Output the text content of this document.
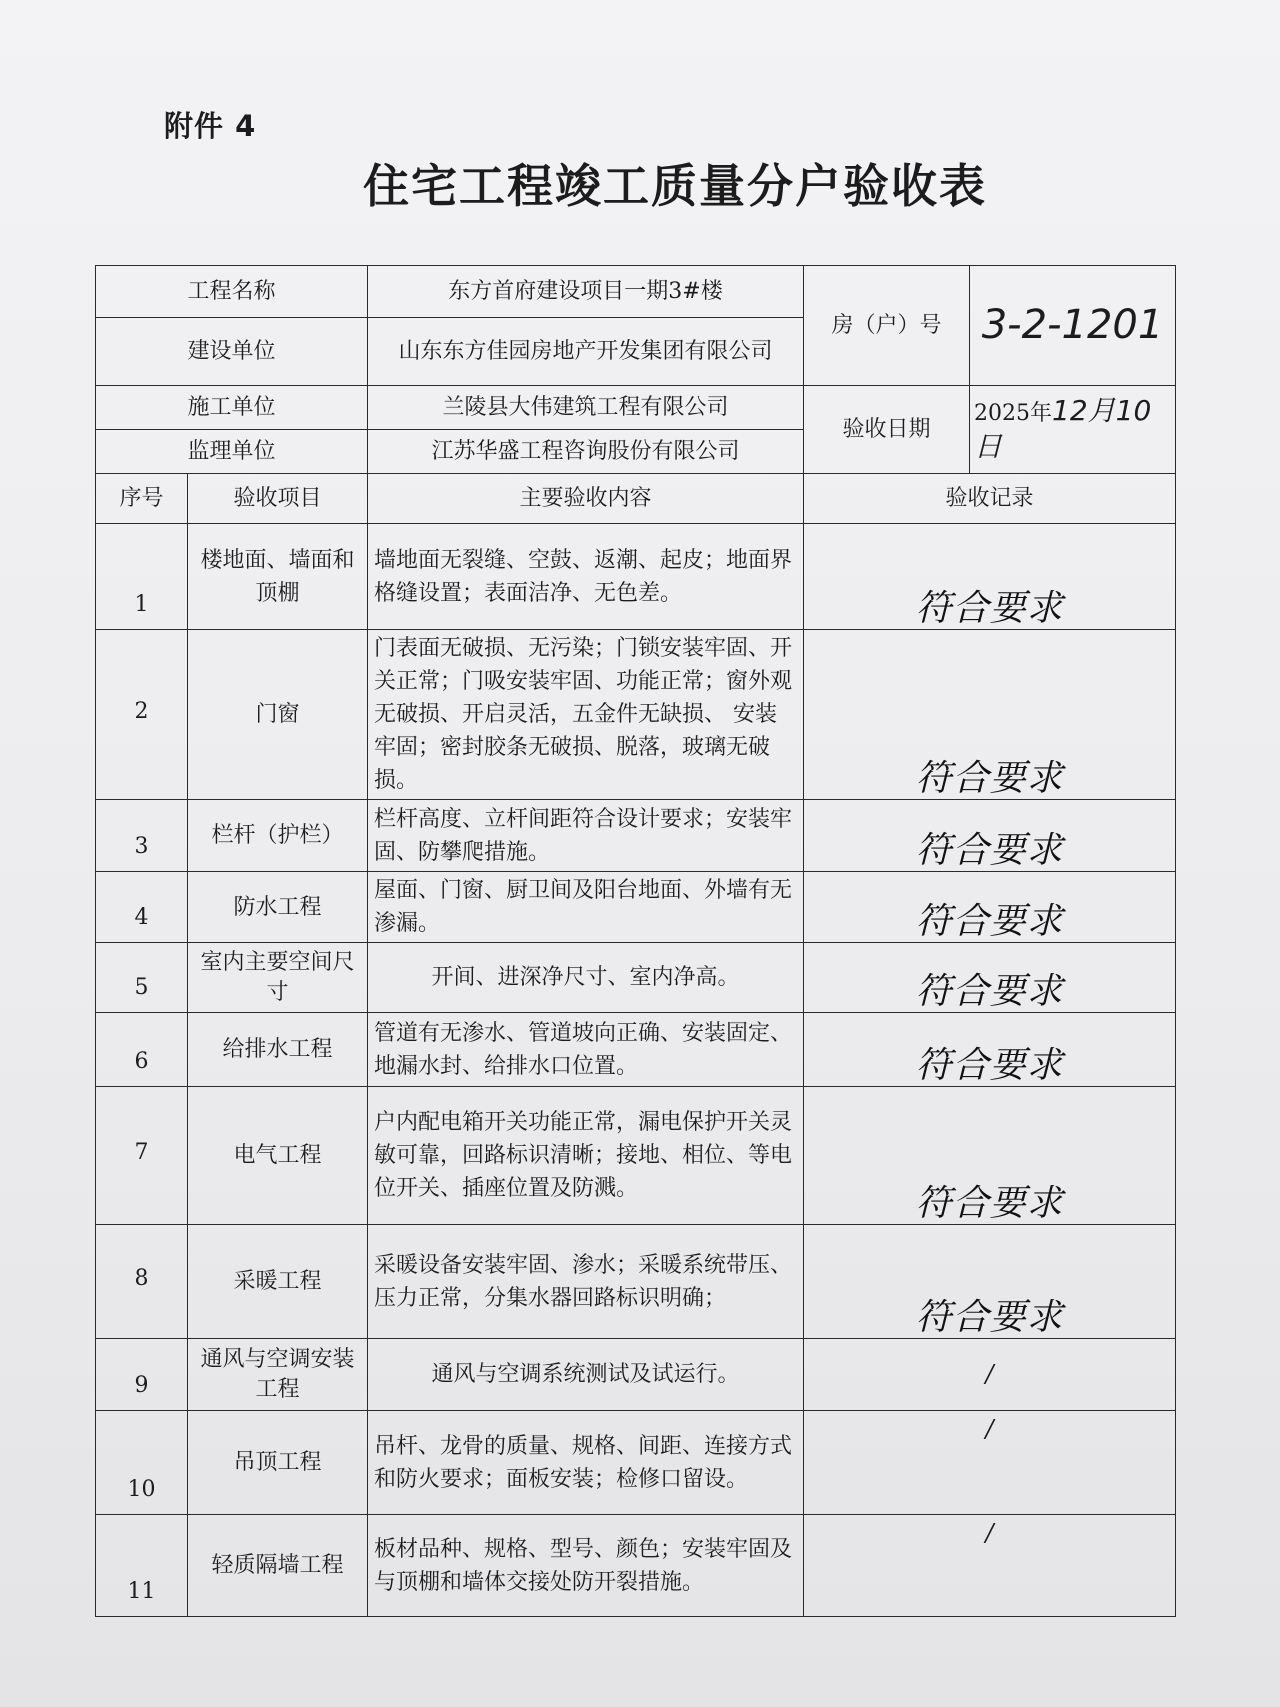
附件 4
住宅工程竣工质量分户验收表
工程名称		东方首府建设项目一期3#楼	房（户）号	3-2-1201
建设单位		山东东方佳园房地产开发集团有限公司		
施工单位		兰陵县大伟建筑工程有限公司	验收日期	2025年12月10日
监理单位		江苏华盛工程咨询股份有限公司		
序号	验收项目	主要验收内容	验收记录	
1	楼地面、墙面和顶棚	墙地面无裂缝、空鼓、返潮、起皮；地面界格缝设置；表面洁净、无色差。	符合要求	
2	门窗	门表面无破损、无污染；门锁安装牢固、开关正常；门吸安装牢固、功能正常；窗外观无破损、开启灵活，五金件无缺损、 安装牢固；密封胶条无破损、脱落，玻璃无破损。	符合要求	
3	栏杆（护栏）	栏杆高度、立杆间距符合设计要求；安装牢固、防攀爬措施。	符合要求	
4	防水工程	屋面、门窗、厨卫间及阳台地面、外墙有无渗漏。	符合要求	
5	室内主要空间尺寸	开间、进深净尺寸、室内净高。	符合要求	
6	给排水工程	管道有无渗水、管道坡向正确、安装固定、地漏水封、给排水口位置。	符合要求	
7	电气工程	户内配电箱开关功能正常，漏电保护开关灵敏可靠，回路标识清晰；接地、相位、等电位开关、插座位置及防溅。	符合要求	
8	采暖工程	采暖设备安装牢固、渗水；采暖系统带压、压力正常，分集水器回路标识明确；	符合要求	
9	通风与空调安装工程	通风与空调系统测试及试运行。	/	
10	吊顶工程	吊杆、龙骨的质量、规格、间距、连接方式和防火要求；面板安装；检修口留设。	/	
11	轻质隔墙工程	板材品种、规格、型号、颜色；安装牢固及与顶棚和墙体交接处防开裂措施。	/	
